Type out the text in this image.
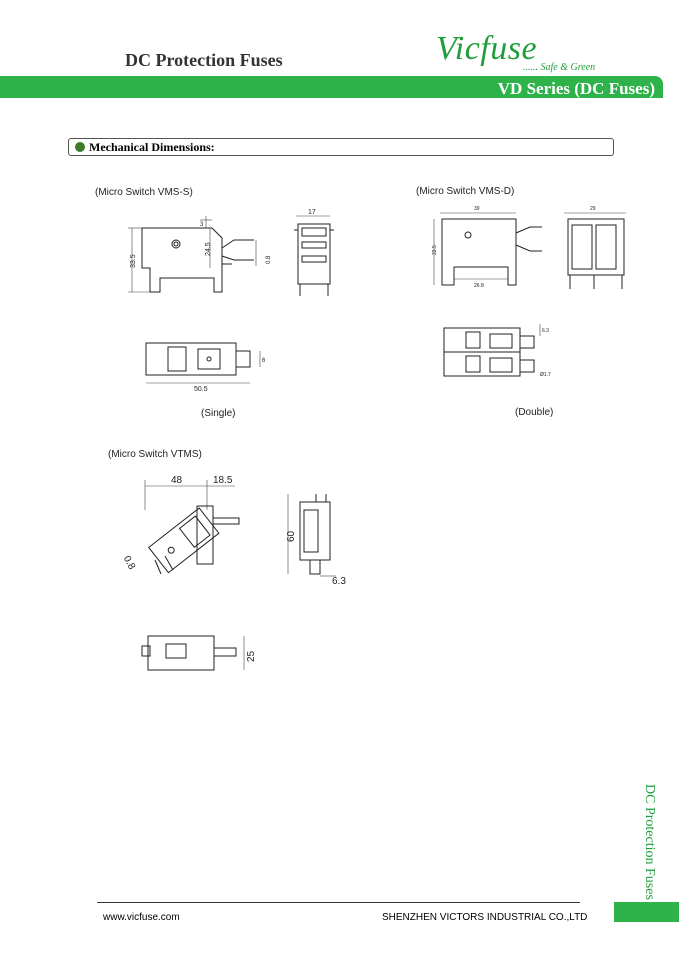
DC Protection Fuses	Vicfuse
...... Safe & Green
VD Series (DC Fuses)
Mechanical Dimensions:
(Micro Switch VMS-S)
33.5
24.5
3
0.8
17
6
50.5
(Single)
(Micro Switch VMS-D)
39
33.5
26.8
29
6.3
Ø1.7
(Double)
(Micro Switch VTMS)
48	18.5
0.8
60
6.3
25
DC Protection Fuses
www.vicfuse.com	SHENZHEN VICTORS INDUSTRIAL CO.,LTD
